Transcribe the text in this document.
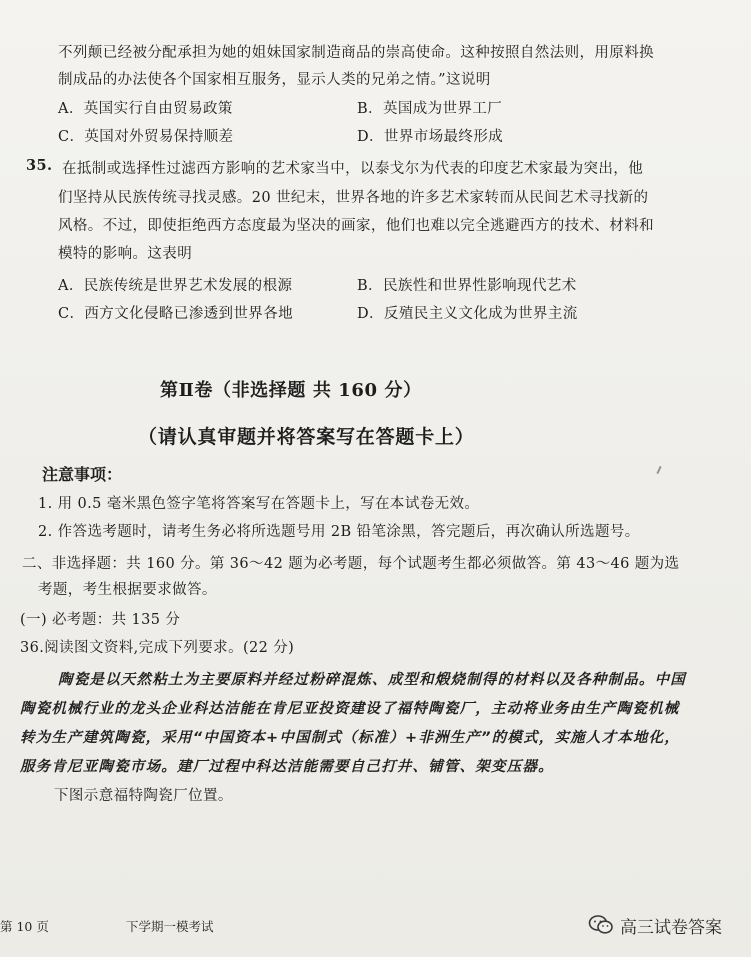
不列颠已经被分配承担为她的姐妹国家制造商品的崇高使命。这种按照自然法则，用原料换
制成品的办法使各个国家相互服务，显示人类的兄弟之情。”这说明
A．英国实行自由贸易政策	B．英国成为世界工厂
C．英国对外贸易保持顺差	D．世界市场最终形成
35. 在抵制或选择性过滤西方影响的艺术家当中，以泰戈尔为代表的印度艺术家最为突出，他
们坚持从民族传统寻找灵感。20 世纪末，世界各地的许多艺术家转而从民间艺术寻找新的
风格。不过，即使拒绝西方态度最为坚决的画家，他们也难以完全逃避西方的技术、材料和
模特的影响。这表明
A．民族传统是世界艺术发展的根源	B．民族性和世界性影响现代艺术
C．西方文化侵略已渗透到世界各地	D．反殖民主义文化成为世界主流
第Ⅱ卷（非选择题 共 160 分）
（请认真审题并将答案写在答题卡上）
注意事项：
1. 用 0.5 毫米黑色签字笔将答案写在答题卡上，写在本试卷无效。
2. 作答选考题时，请考生务必将所选题号用 2B 铅笔涂黑，答完题后，再次确认所选题号。
二、非选择题：共 160 分。第 36～42 题为必考题，每个试题考生都必须做答。第 43～46 题为选
考题，考生根据要求做答。
(一) 必考题：共 135 分
36.阅读图文资料,完成下列要求。(22 分)
陶瓷是以天然粘土为主要原料并经过粉碎混炼、成型和煅烧制得的材料以及各种制品。中国
陶瓷机械行业的龙头企业科达洁能在肯尼亚投资建设了福特陶瓷厂，主动将业务由生产陶瓷机械
转为生产建筑陶瓷，采用“中国资本+中国制式（标准）+非洲生产”的模式，实施人才本地化，
服务肯尼亚陶瓷市场。建厂过程中科达洁能需要自己打井、铺管、架变压器。
下图示意福特陶瓷厂位置。
第 10 页	下学期一模考试	高三试卷答案
